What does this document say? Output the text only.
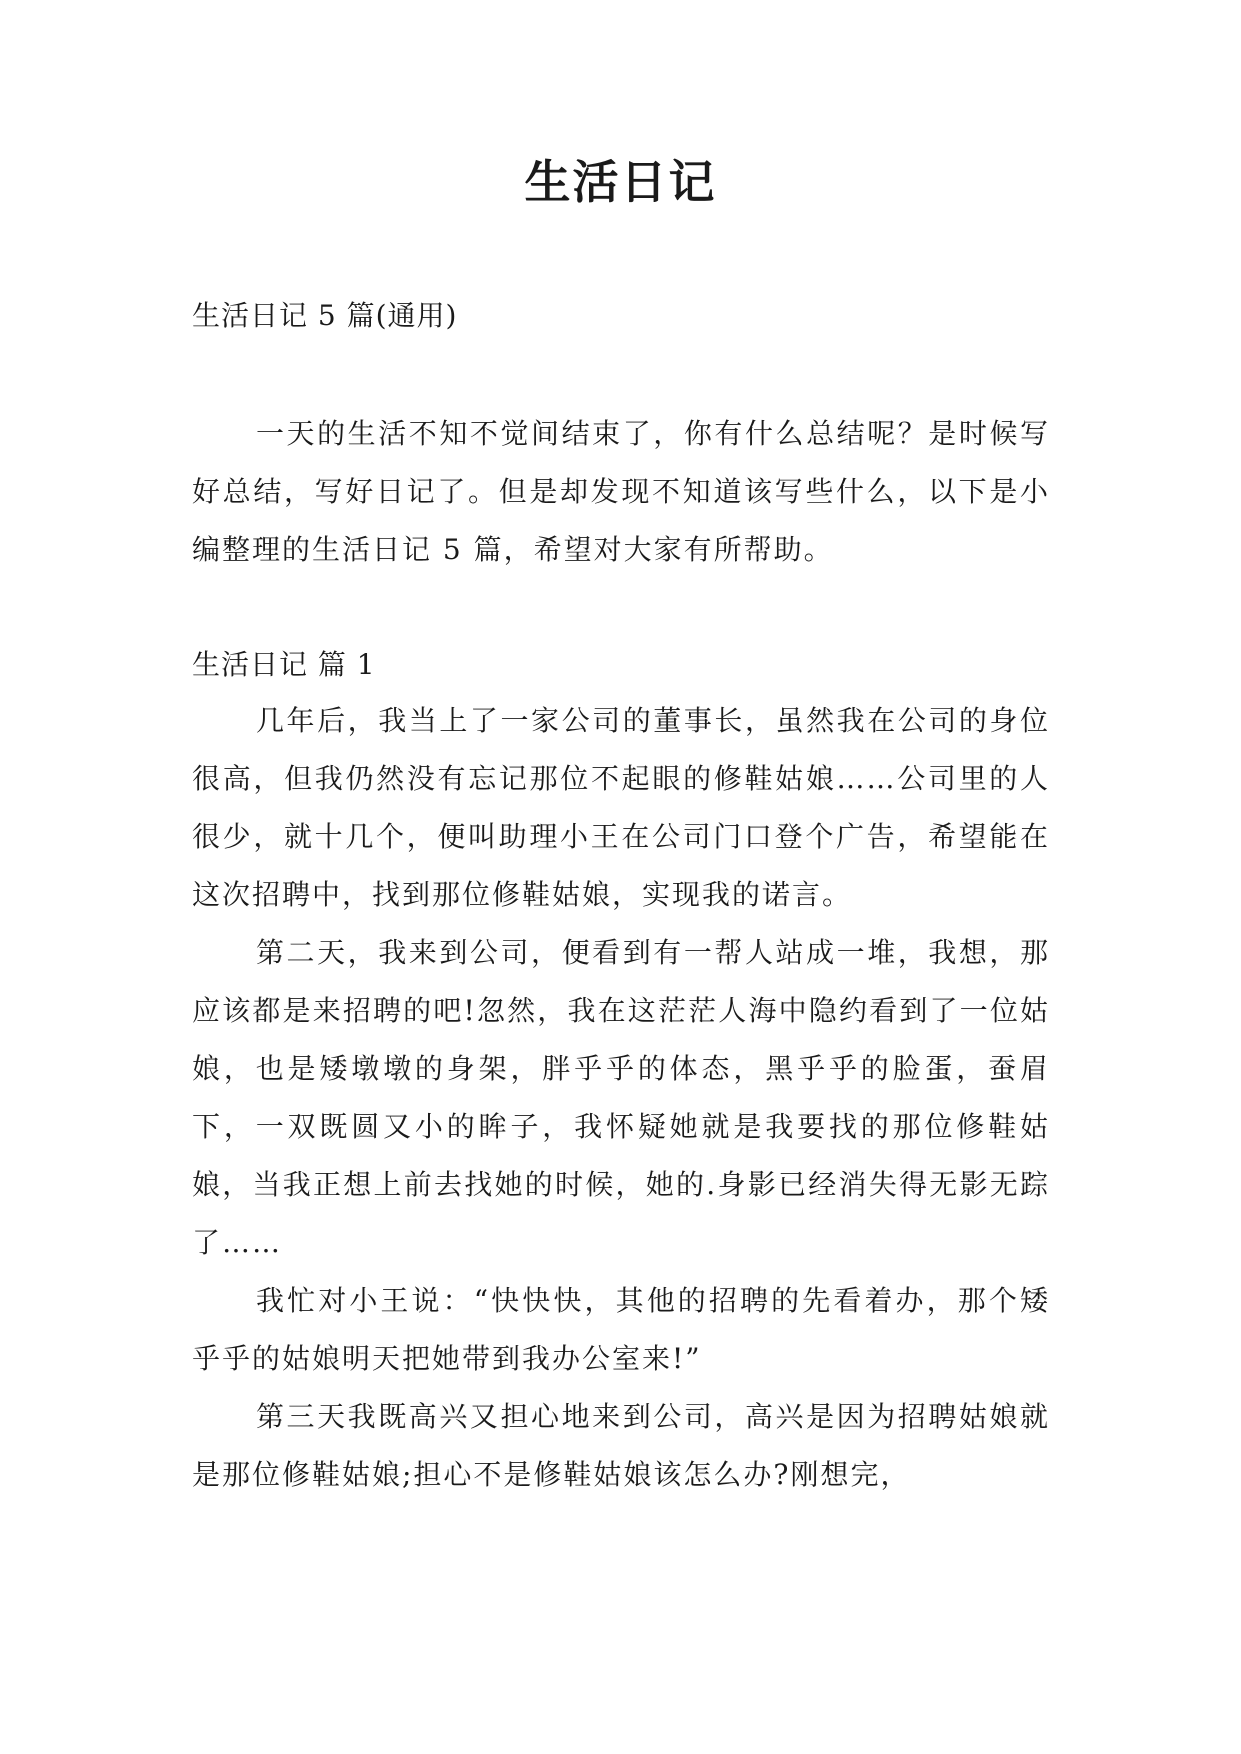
生活日记
生活日记 5 篇(通用)

一天的生活不知不觉间结束了，你有什么总结呢？是时候写好总结，写好日记了。但是却发现不知道该写些什么，以下是小编整理的生活日记 5 篇，希望对大家有所帮助。

生活日记 篇 1

几年后，我当上了一家公司的董事长，虽然我在公司的身位很高，但我仍然没有忘记那位不起眼的修鞋姑娘……公司里的人很少，就十几个，便叫助理小王在公司门口登个广告，希望能在这次招聘中，找到那位修鞋姑娘，实现我的诺言。

第二天，我来到公司，便看到有一帮人站成一堆，我想，那应该都是来招聘的吧!忽然，我在这茫茫人海中隐约看到了一位姑娘，也是矮墩墩的身架，胖乎乎的体态，黑乎乎的脸蛋，蚕眉下，一双既圆又小的眸子，我怀疑她就是我要找的那位修鞋姑娘，当我正想上前去找她的时候，她的.身影已经消失得无影无踪了……

我忙对小王说：“快快快，其他的招聘的先看着办，那个矮乎乎的姑娘明天把她带到我办公室来!”

第三天我既高兴又担心地来到公司，高兴是因为招聘姑娘就是那位修鞋姑娘;担心不是修鞋姑娘该怎么办?刚想完，
